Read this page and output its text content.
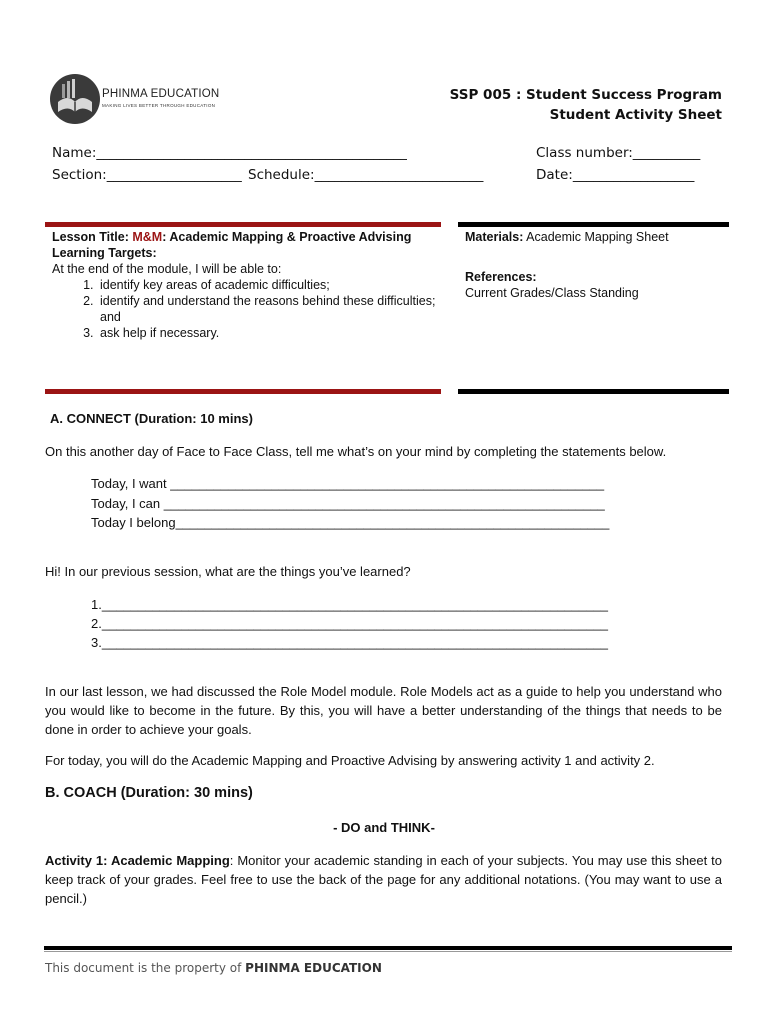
PHINMA EDUCATION
MAKING LIVES BETTER THROUGH EDUCATION
SSP 005 : Student Success Program
Student Activity Sheet
Name:______________________________________________	Class number:__________
Section:____________________ Schedule:_________________________	Date:__________________
Lesson Title: M&M: Academic Mapping & Proactive Advising
Learning Targets:
At the end of the module, I will be able to:
1. identify key areas of academic difficulties;
2. identify and understand the reasons behind these difficulties; and
3. ask help if necessary.
Materials: Academic Mapping Sheet
References:
Current Grades/Class Standing
A. CONNECT (Duration: 10 mins)
On this another day of Face to Face Class, tell me what’s on your mind by completing the statements below.
Today, I want ____________________________________________________________
Today, I can _____________________________________________________________
Today I belong____________________________________________________________
Hi! In our previous session, what are the things you’ve learned?
1.______________________________________________________________________
2.______________________________________________________________________
3.______________________________________________________________________
In our last lesson, we had discussed the Role Model module. Role Models act as a guide to help you understand who you would like to become in the future. By this, you will have a better understanding of the things that needs to be done in order to achieve your goals.
For today, you will do the Academic Mapping and Proactive Advising by answering activity 1 and activity 2.
B. COACH (Duration: 30 mins)
- DO and THINK-
Activity 1: Academic Mapping: Monitor your academic standing in each of your subjects. You may use this sheet to keep track of your grades. Feel free to use the back of the page for any additional notations. (You may want to use a pencil.)
This document is the property of PHINMA EDUCATION
